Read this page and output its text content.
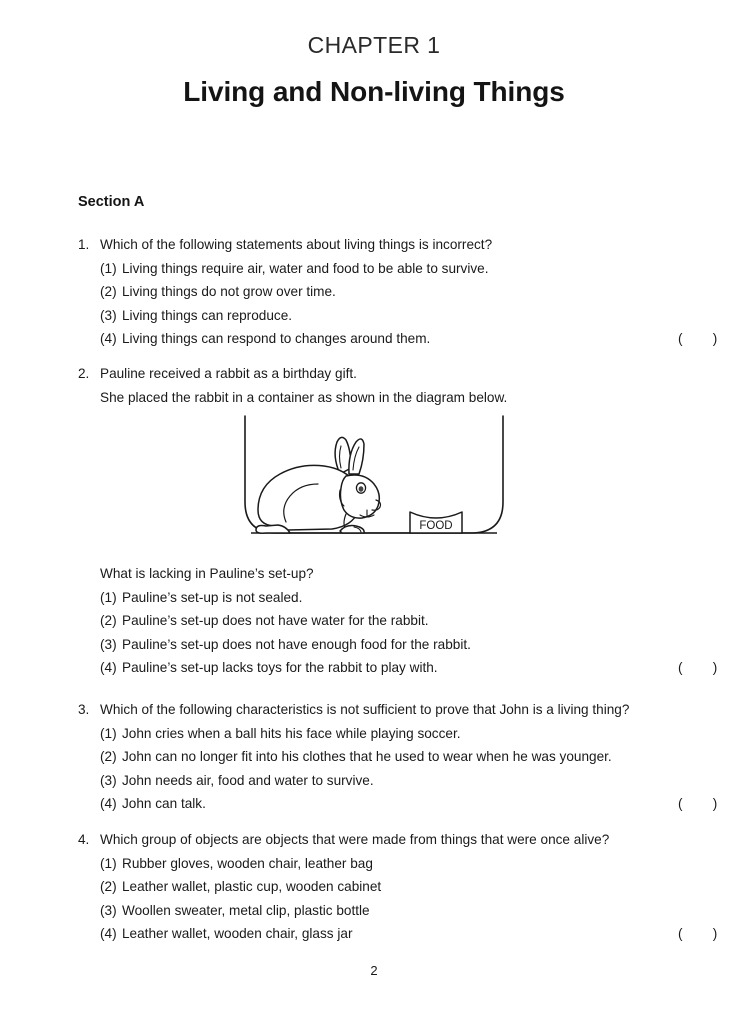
CHAPTER 1
Living and Non-living Things
Section A
1. Which of the following statements about living things is incorrect?
(1) Living things require air, water and food to be able to survive.
(2) Living things do not grow over time.
(3) Living things can reproduce.
(4) Living things can respond to changes around them.	(        )
2. Pauline received a rabbit as a birthday gift.
She placed the rabbit in a container as shown in the diagram below.
FOOD
What is lacking in Pauline’s set-up?
(1) Pauline’s set-up is not sealed.
(2) Pauline’s set-up does not have water for the rabbit.
(3) Pauline’s set-up does not have enough food for the rabbit.
(4) Pauline’s set-up lacks toys for the rabbit to play with.	(        )
3. Which of the following characteristics is not sufficient to prove that John is a living thing?
(1) John cries when a ball hits his face while playing soccer.
(2) John can no longer fit into his clothes that he used to wear when he was younger.
(3) John needs air, food and water to survive.
(4) John can talk.	(        )
4. Which group of objects are objects that were made from things that were once alive?
(1) Rubber gloves, wooden chair, leather bag
(2) Leather wallet, plastic cup, wooden cabinet
(3) Woollen sweater, metal clip, plastic bottle
(4) Leather wallet, wooden chair, glass jar	(        )
2
